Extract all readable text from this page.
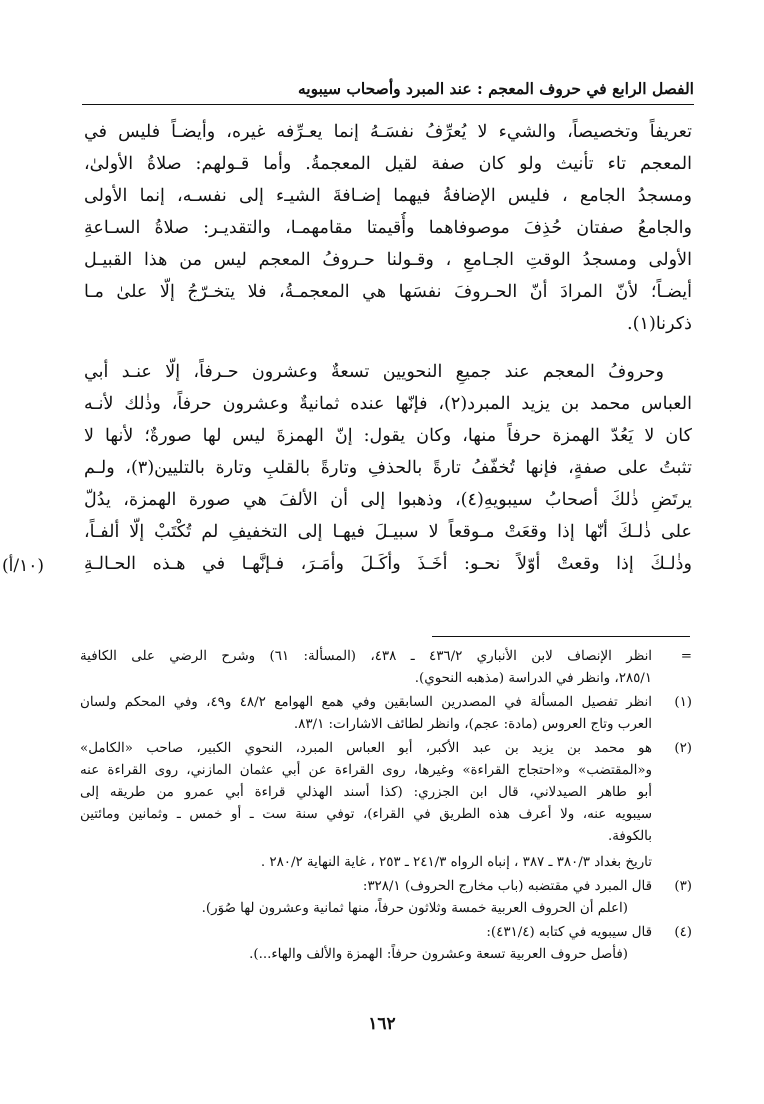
الفصل الرابع في حروف المعجم : عند المبرد وأصحاب سيبويه
تعريفاً وتخصيصاً، والشيء لا يُعرِّفُ نفسَـهُ إنما يعـرِّفه غيره، وأيضـاً فليس في
المعجم تاء تأنيث ولو كان صفة لقيل المعجمةُ. وأما قـولهم: صلاةُ الأولىٰ،
ومسجدُ الجامع ، فليس الإضافةُ فيهما إضـافةَ الشيـء إلى نفسـه، إنما الأولى
والجامعُ صفتان حُذِفَ موصوفاهما وأُقيمتا مقامهمـا، والتقديـر: صلاةُ السـاعةِ
الأولى ومسجدُ الوقتِ الجـامعِ ، وقـولنا حـروفُ المعجم ليس من هذا القبيـل
أيضـاً؛ لأنّ المرادَ أنّ الحـروفَ نفسَها هي المعجمـةُ، فلا يتخـرّجُ إلّا علىٰ مـا
ذكرنا(١).
وحروفُ المعجم عند جميعِ النحويين تسعةٌ وعشرون حـرفاً، إلّا عنـد أبي
العباس محمد بن يزيد المبرد(٢)، فإنّها عنده ثمانيةٌ وعشرون حرفاً، وذٰلك لأنـه
كان لا يَعُدّ الهمزة حرفاً منها، وكان يقول: إنّ الهمزةَ ليس لها صورةٌ؛ لأنها لا
تثبتُ على صفةٍ، فإنها تُخفّفُ تارةً بالحذفِ وتارةً بالقلبِ وتارة بالتليين(٣)، ولـم
يرتَضِ ذٰلكَ أصحابُ سيبويهِ(٤)، وذهبوا إلى أن الألفَ هي صورة الهمزة، يدُلّ
على ذٰلـكَ أنّها إذا وقعَتْ مـوقعاً لا سبيـلَ فيهـا إلى التخفيفِ لم تُكْتَبْ إلّا ألفـاً،
وذٰلـكَ إذا وقعتْ أوّلاً نحـو: أخَـذَ وأكَـلَ وأمَـرَ، فـإنَّهـا في هـذه الحـالـةِ
(١٠/أ)
=
انظر الإنصاف لابن الأنباري ٤٣٦/٢ ـ ٤٣٨، (المسألة: ٦١) وشرح الرضي على الكافية
٢٨٥/١، وانظر في الدراسة (مذهبه النحوي).
(١)
انظر تفصيل المسألة في المصدرين السابقين وفي همع الهوامع ٤٨/٢ و٤٩، وفي المحكم ولسان
العرب وتاج العروس (مادة: عجم)، وانظر لطائف الاشارات: ٨٣/١.
(٢)
هو محمد بن يزيد بن عبد الأكبر، أبو العباس المبرد، النحوي الكبير، صاحب «الكامل»
و«المقتضب» و«احتجاج القراءة» وغيرها، روى القراءة عن أبي عثمان المازني، روى القراءة عنه
أبو طاهر الصيدلاني، قال ابن الجزري: (كذا أسند الهذلي قراءة أبي عمرو من طريقه إلى
سيبويه عنه، ولا أعرف هذه الطريق في القراء)، توفي سنة ست ـ أو خمس ـ وثمانين ومائتين
بالكوفة.
تاريخ بغداد ٣٨٠/٣ ـ ٣٨٧ ، إنباه الرواه ٢٤١/٣ ـ ٢٥٣ ، غاية النهاية ٢٨٠/٢ .
(٣)
قال المبرد في مقتضبه (باب مخارج الحروف) ٣٢٨/١:
(اعلم أن الحروف العربية خمسة وثلاثون حرفاً، منها ثمانية وعشرون لها صُوَر).
(٤)
قال سيبويه في كتابه (٤٣١/٤):
(فأصل حروف العربية تسعة وعشرون حرفاً: الهمزة والألف والهاء...).
١٦٢
